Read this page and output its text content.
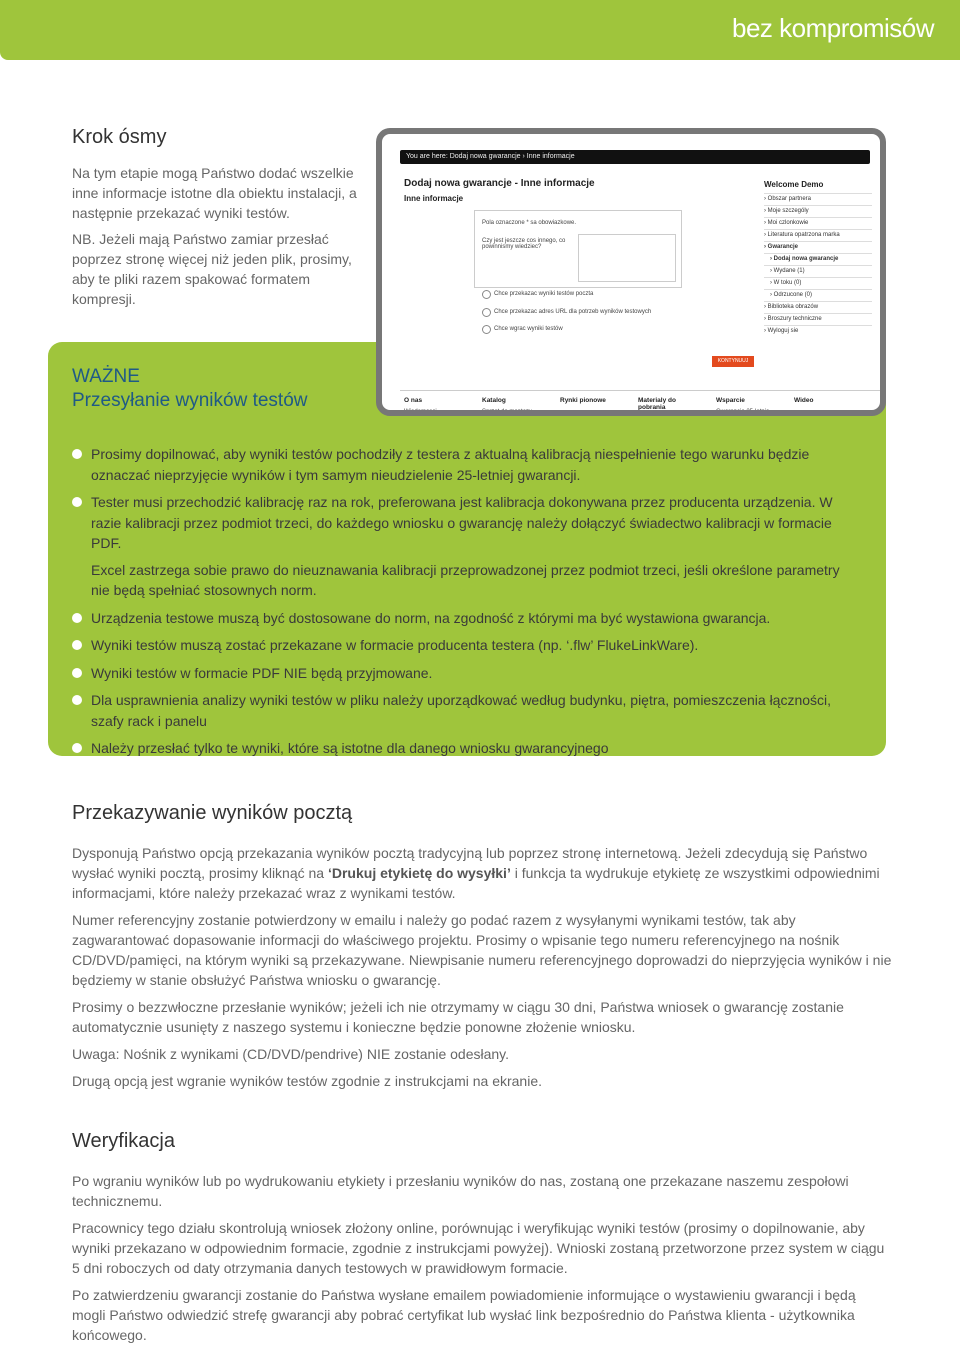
bez kompromisów
Krok ósmy

Na tym etapie mogą Państwo dodać wszelkie inne informacje istotne dla obiektu instalacji, a następnie przekazać wyniki testów.

NB. Jeżeli mają Państwo zamiar przesłać poprzez stronę więcej niż jeden plik, prosimy, aby te pliki razem spakować formatem kompresji.

WAŻNE
Przesyłanie wyników testów
Prosimy dopilnować, aby wyniki testów pochodziły z testera z aktualną kalibracją niespełnienie tego warunku będzie oznaczać nieprzyjęcie wyników i tym samym nieudzielenie 25-letniej gwarancji.
Tester musi przechodzić kalibrację raz na rok, preferowana jest kalibracja dokonywana przez producenta urządzenia. W razie kalibracji przez podmiot trzeci, do każdego wniosku o gwarancję należy dołączyć świadectwo kalibracji w formacie PDF.
Excel zastrzega sobie prawo do nieuznawania kalibracji przeprowadzonej przez podmiot trzeci, jeśli określone parametry nie będą spełniać stosownych norm.
Urządzenia testowe muszą być dostosowane do norm, na zgodność z którymi ma być wystawiona gwarancja.
Wyniki testów muszą zostać przekazane w formacie producenta testera (np. ‘.flw’ FlukeLinkWare).
Wyniki testów w formacie PDF NIE będą przyjmowane.
Dla usprawnienia analizy wyniki testów w pliku należy uporządkować według budynku, piętra, pomieszczenia łączności, szafy rack i panelu
Należy przesłać tylko te wyniki, które są istotne dla danego wniosku gwarancyjnego
You are here: Dodaj nowa gwarancje › Inne informacje
Dodaj nowa gwarancje - Inne informacje
Inne informacje
Pola oznaczone * sa obowiazkowe.
Czy jest jeszcze cos innego, co powinnismy wiedziec?
Chce przekazac wyniki testów poczta
Chce przekazac adres URL dla potrzeb wyników testowych
Chce wgrac wyniki testów
Welcome Demo
› Obszar partnera
› Moje szczególy
› Moi czlonkowie
› Literatura opatrzona marka
› Gwarancje
› Dodaj nowa gwarancje
› Wydane (1)
› W toku (0)
› Odrzucone (0)
› Biblioteka obrazów
› Broszury techniczne
› Wyloguj sie
KONTYNUUJ
O nas	Katalog	Rynki pionowe	Materialy do pobrania
Wsparcie	Wideo
Wiadomosci	Sprzet do montazu	Gwarancja 25-letnia
Przekazywanie wyników pocztą

Dysponują Państwo opcją przekazania wyników pocztą tradycyjną lub poprzez stronę internetową. Jeżeli zdecydują się Państwo wysłać wyniki pocztą, prosimy kliknąć na ‘Drukuj etykietę do wysyłki’ i funkcja ta wydrukuje etykietę ze wszystkimi odpowiednimi informacjami, które należy przekazać wraz z wynikami testów.

Numer referencyjny zostanie potwierdzony w emailu i należy go podać razem z wysyłanymi wynikami testów, tak aby zagwarantować dopasowanie informacji do właściwego projektu. Prosimy o wpisanie tego numeru referencyjnego na nośnik CD/DVD/pamięci, na którym wyniki są przekazywane. Niewpisanie numeru referencyjnego doprowadzi do nieprzyjęcia wyników i nie będziemy w stanie obsłużyć Państwa wniosku o gwarancję.

Prosimy o bezzwłoczne przesłanie wyników; jeżeli ich nie otrzymamy w ciągu 30 dni, Państwa wniosek o gwarancję zostanie automatycznie usunięty z naszego systemu i konieczne będzie ponowne złożenie wniosku.

Uwaga: Nośnik z wynikami (CD/DVD/pendrive) NIE zostanie odesłany.

Drugą opcją jest wgranie wyników testów zgodnie z instrukcjami na ekranie.

Weryfikacja

Po wgraniu wyników lub po wydrukowaniu etykiety i przesłaniu wyników do nas, zostaną one przekazane naszemu zespołowi technicznemu.

Pracownicy tego działu skontrolują wniosek złożony online, porównując i weryfikując wyniki testów (prosimy o dopilnowanie, aby wyniki przekazano w odpowiednim formacie, zgodnie z instrukcjami powyżej). Wnioski zostaną przetworzone przez system w ciągu 5 dni roboczych od daty otrzymania danych testowych w prawidłowym formacie.

Po zatwierdzeniu gwarancji zostanie do Państwa wysłane emailem powiadomienie informujące o wystawieniu gwarancji i będą mogli Państwo odwiedzić strefę gwarancji aby pobrać certyfikat lub wysłać link bezpośrednio do Państwa klienta - użytkownika końcowego.
